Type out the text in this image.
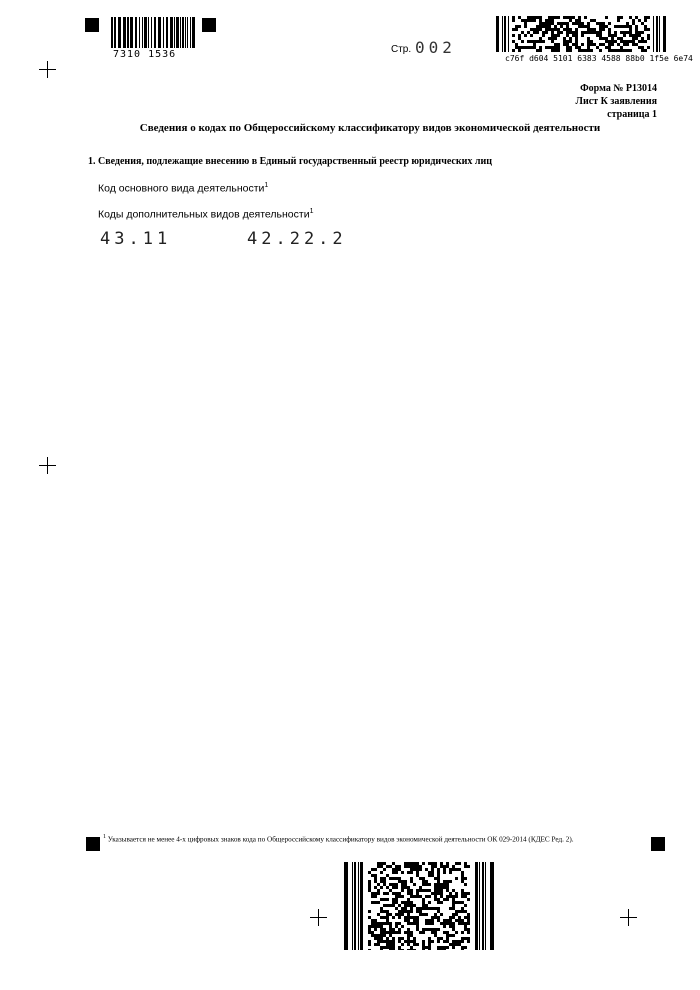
7310 1536	Стр. 002
c76f d604 5101 6383 4588 88b0 1f5e 6e74
Форма № Р13014
Лист К заявления
страница 1
Сведения о кодах по Общероссийскому классификатору видов экономической деятельности
1. Сведения, подлежащие внесению в Единый государственный реестр юридических лиц
Код основного вида деятельности$^1$
Коды дополнительных видов деятельности$^1$
43.11	42.22.2
$^1$ Указывается не менее 4-х цифровых знаков кода по Общероссийскому классификатору видов экономической деятельности ОК 029-2014 (КДЕС Ред. 2).
